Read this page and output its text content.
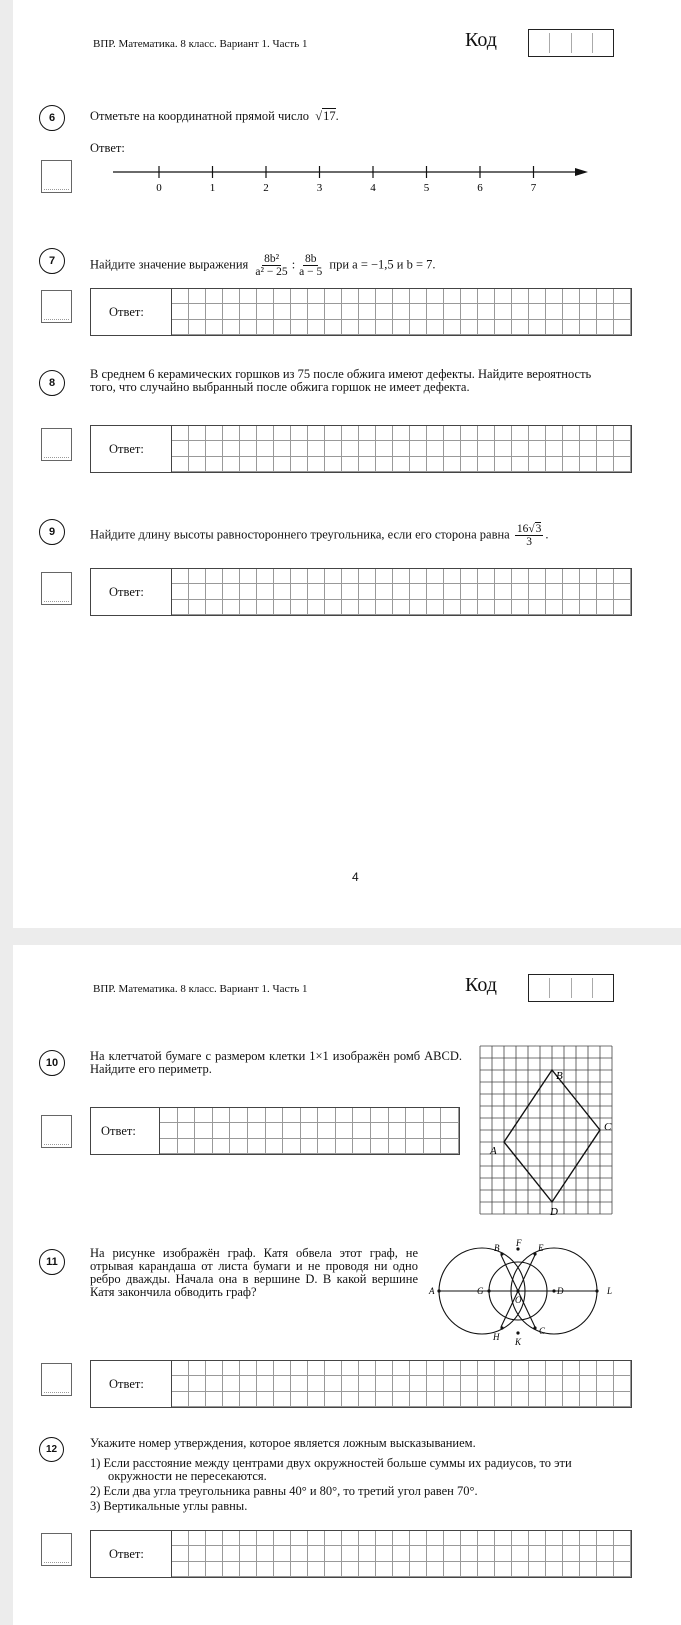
ВПР. Математика. 8 класс. Вариант 1. Часть 1	Код
6	Отметьте на координатной прямой число  √17.
Ответ:
0	1	2	3	4	5	6	7
7	Найдите значение выражения $\frac{\text{8b²}}{\text{a² − 25}}$ : $\frac{8b}{a - 5}$ при a = −1,5 и b = 7.
Ответ:
8
В среднем 6 керамических горшков из 75 после обжига имеют дефекты. Найдите вероятность того, что случайно выбранный после обжига горшок не имеет дефекта.
Ответ:
9	Найдите длину высоты равностороннего треугольника, если его сторона равна $\frac{16√3}{3}$ .
Ответ:
4
ВПР. Математика. 8 класс. Вариант 1. Часть 1	Код
10	На клетчатой бумаге с размером клетки 1×1 изображён ромб ABCD. Найдите его периметр.
Ответ:
A
B
C
D
11
На рисунке изображён граф. Катя обвела этот граф, не отрывая карандаша от листа бумаги и не проводя ни одно ребро дважды. Начала она в вершине D. В какой вершине Катя закончила обводить граф?	A
B F E
G	D	L
O
H K
C
Ответ:
12	Укажите номер утверждения, которое является ложным высказыванием.
1) Если расстояние между центрами двух окружностей больше суммы их радиусов, то эти окружности не пересекаются.
2) Если два угла треугольника равны 40° и 80°, то третий угол равен 70°.
3) Вертикальные углы равны.
Ответ:
